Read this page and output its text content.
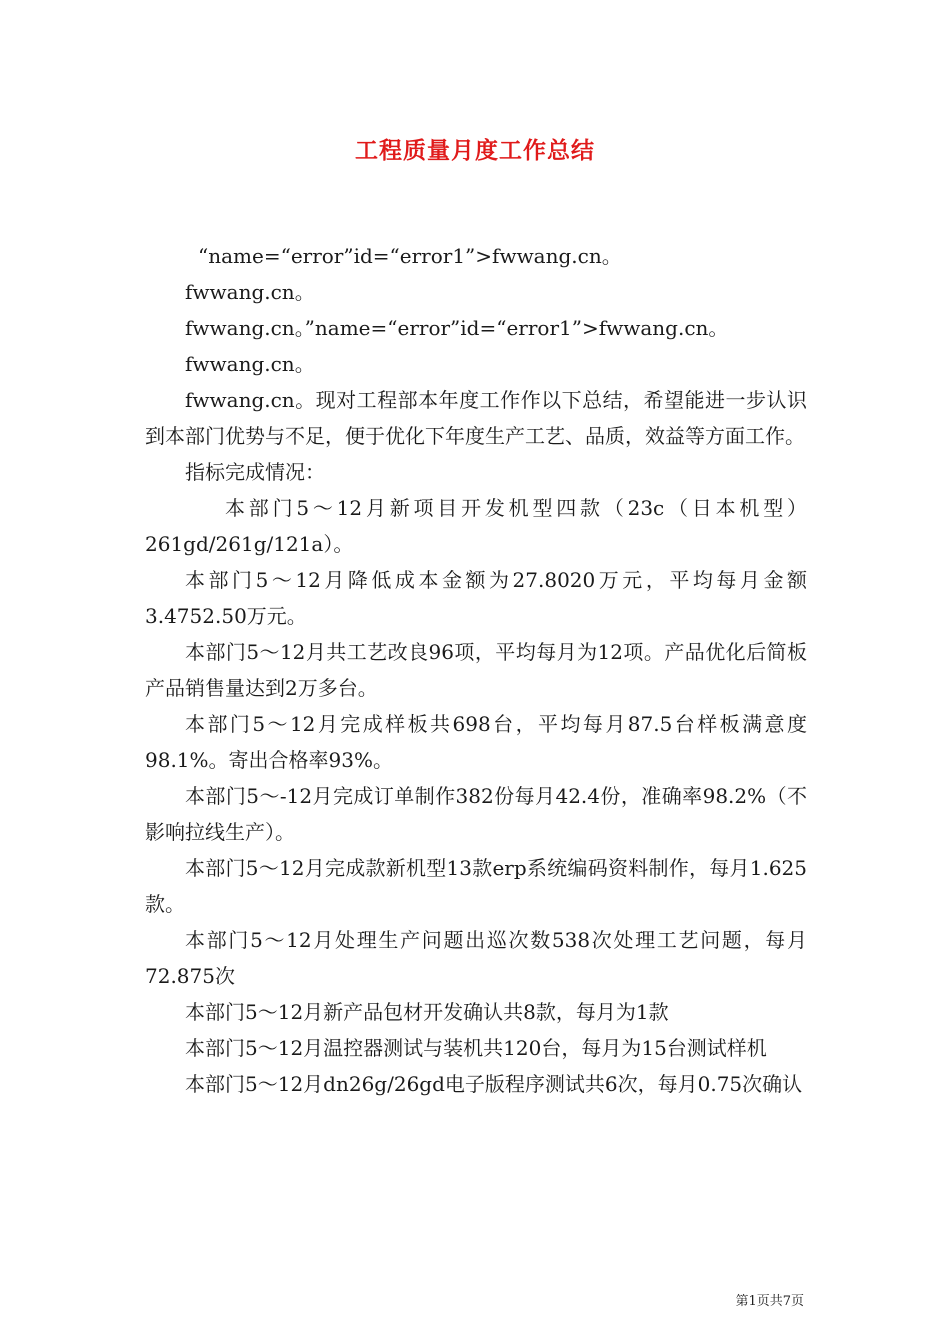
工程质量月度工作总结

“name=“error”id=“error1”>fwwang.cn。

fwwang.cn。

fwwang.cn。”name=“error”id=“error1”>fwwang.cn。

fwwang.cn。

fwwang.cn。现对工程部本年度工作作以下总结，希望能进一步认识到本部门优势与不足，便于优化下年度生产工艺、品质，效益等方面工作。

指标完成情况：

本部门5～12月新项目开发机型四款（23c（日本机型）261gd/261g/121a）。

本部门5～12月降低成本金额为27.8020万元，平均每月金额3.4752.50万元。

本部门5～12月共工艺改良96项，平均每月为12项。产品优化后简板产品销售量达到2万多台。

本部门5～12月完成样板共698台，平均每月87.5台样板满意度98.1%。寄出合格率93%。

本部门5～-12月完成订单制作382份每月42.4份，准确率98.2%（不影响拉线生产）。

本部门5～12月完成款新机型13款erp系统编码资料制作，每月1.625款。

本部门5～12月处理生产问题出巡次数538次处理工艺问题，每月72.875次

本部门5～12月新产品包材开发确认共8款，每月为1款

本部门5～12月温控器测试与装机共120台，每月为15台测试样机

本部门5～12月dn26g/26gd电子版程序测试共6次，每月0.75次确认

第1页共7页
